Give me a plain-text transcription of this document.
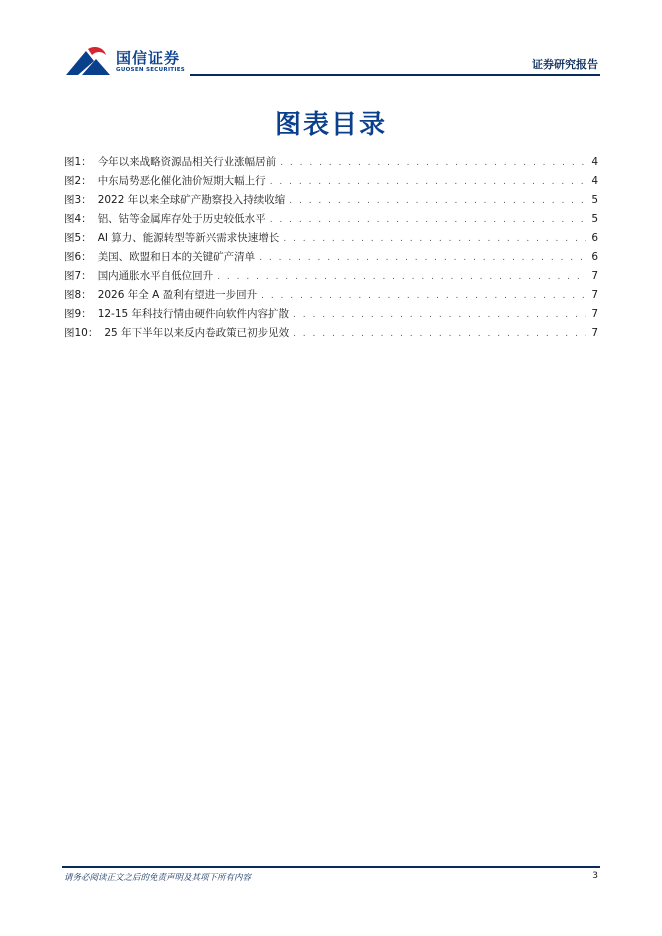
国信证券
GUOSEN SECURITIES	证券研究报告
图表目录
图1： 今年以来战略资源品相关行业涨幅居前 . . .	4
图2： 中东局势恶化催化油价短期大幅上行 . . .	4
图3： 2022 年以来全球矿产勘察投入持续收缩 . . .	5
图4： 铝、钴等金属库存处于历史较低水平 . . .	5
图5： AI 算力、能源转型等新兴需求快速增长 . . .	6
图6： 美国、欧盟和日本的关键矿产清单 . . .	6
图7： 国内通胀水平自低位回升 . . .	7
图8： 2026 年全 A 盈利有望进一步回升 . . .	7
图9： 12-15 年科技行情由硬件向软件内容扩散 . . .	7
图10： 25 年下半年以来反内卷政策已初步见效 . . .	7
请务必阅读正文之后的免责声明及其项下所有内容	3
